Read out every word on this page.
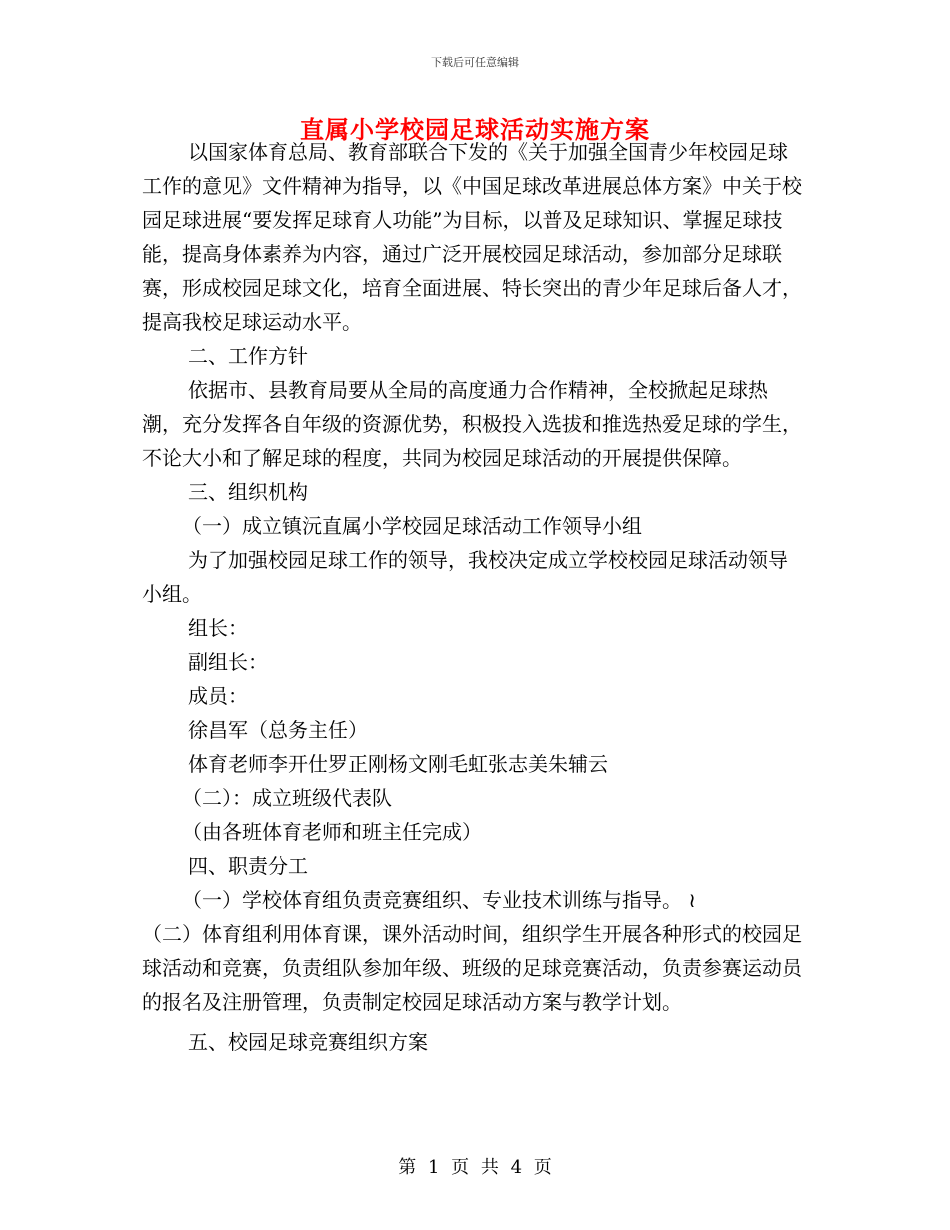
下载后可任意编辑
直属小学校园足球活动实施方案

以国家体育总局、教育部联合下发的《关于加强全国青少年校园足球工作的意见》文件精神为指导，以《中国足球改革进展总体方案》中关于校园足球进展“要发挥足球育人功能”为目标，以普及足球知识、掌握足球技能，提高身体素养为内容，通过广泛开展校园足球活动，参加部分足球联赛，形成校园足球文化，培育全面进展、特长突出的青少年足球后备人才，提高我校足球运动水平。

二、工作方针

依据市、县教育局要从全局的高度通力合作精神，全校掀起足球热潮，充分发挥各自年级的资源优势，积极投入选拔和推选热爱足球的学生，不论大小和了解足球的程度，共同为校园足球活动的开展提供保障。

三、组织机构

（一）成立镇沅直属小学校园足球活动工作领导小组

为了加强校园足球工作的领导，我校决定成立学校校园足球活动领导小组。

组长：

副组长：

成员：

徐昌军（总务主任）

体育老师李开仕罗正刚杨文刚毛虹张志美朱辅云

（二）：成立班级代表队

（由各班体育老师和班主任完成）

四、职责分工

（一）学校体育组负责竞赛组织、专业技术训练与指导。 ≀

（二）体育组利用体育课，课外活动时间，组织学生开展各种形式的校园足球活动和竞赛，负责组队参加年级、班级的足球竞赛活动，负责参赛运动员的报名及注册管理，负责制定校园足球活动方案与教学计划。

五、校园足球竞赛组织方案

第 1 页 共 4 页
